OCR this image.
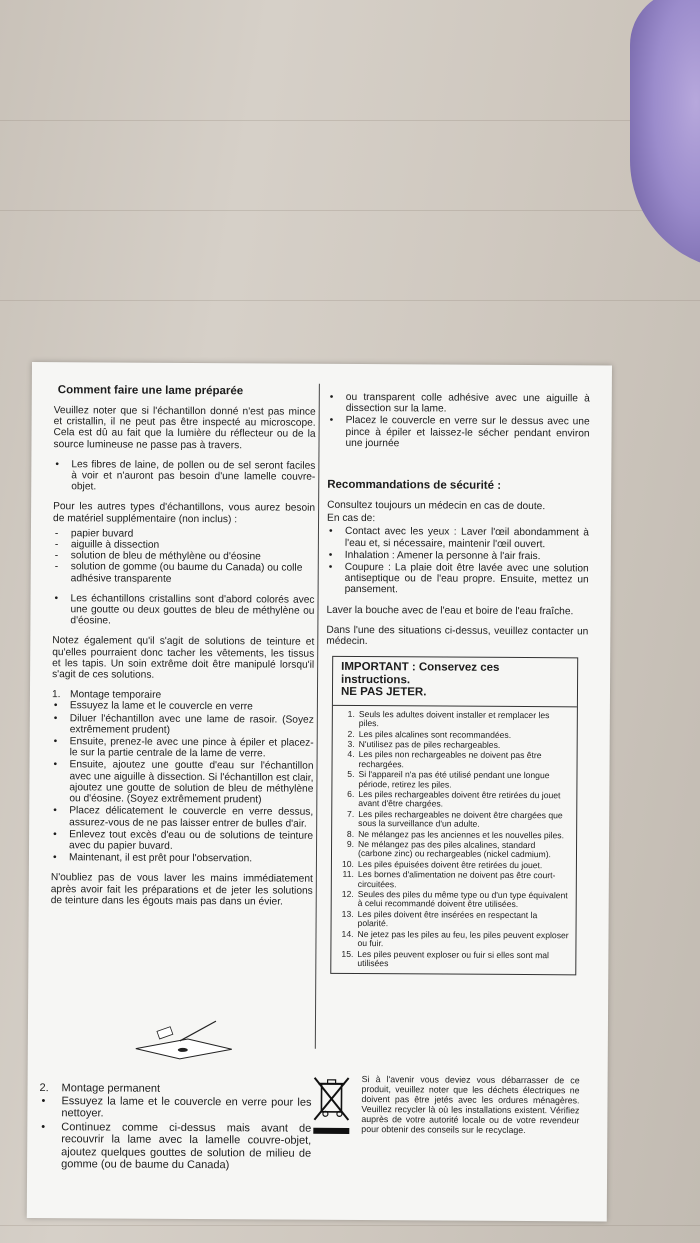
Comment faire une lame préparée

Veuillez noter que si l'échantillon donné n'est pas mince et cristallin, il ne peut pas être inspecté au microscope. Cela est dû au fait que la lumière du réflecteur ou de la source lumineuse ne passe pas à travers.

• Les fibres de laine, de pollen ou de sel seront faciles à voir et n'auront pas besoin d'une lamelle couvre-objet.

Pour les autres types d'échantillons, vous aurez besoin de matériel supplémentaire (non inclus) :

- papier buvard
- aiguille à dissection
- solution de bleu de méthylène ou d'éosine
- solution de gomme (ou baume du Canada) ou colle adhésive transparente
• Les échantillons cristallins sont d'abord colorés avec une goutte ou deux gouttes de bleu de méthylène ou d'éosine.

Notez également qu'il s'agit de solutions de teinture et qu'elles pourraient donc tacher les vêtements, les tissus et les tapis. Un soin extrême doit être manipulé lorsqu'il s'agit de ces solutions.

1. Montage temporaire
• Essuyez la lame et le couvercle en verre
• Diluer l'échantillon avec une lame de rasoir. (Soyez extrêmement prudent)
• Ensuite, prenez-le avec une pince à épiler et placez-le sur la partie centrale de la lame de verre.
• Ensuite, ajoutez une goutte d'eau sur l'échantillon avec une aiguille à dissection. Si l'échantillon est clair, ajoutez une goutte de solution de bleu de méthylène ou d'éosine. (Soyez extrêmement prudent)
• Placez délicatement le couvercle en verre dessus, assurez-vous de ne pas laisser entrer de bulles d'air.
• Enlevez tout excès d'eau ou de solutions de teinture avec du papier buvard.
• Maintenant, il est prêt pour l'observation.

N'oubliez pas de vous laver les mains immédiatement après avoir fait les préparations et de jeter les solutions de teinture dans les égouts mais pas dans un évier.

2. Montage permanent
• Essuyez la lame et le couvercle en verre pour les nettoyer.
• Continuez comme ci-dessus mais avant de recouvrir la lame avec la lamelle couvre-objet, ajoutez quelques gouttes de solution de milieu de gomme (ou de baume du Canada)
• ou transparent colle adhésive avec une aiguille à dissection sur la lame.
• Placez le couvercle en verre sur le dessus avec une pince à épiler et laissez-le sécher pendant environ une journée
Recommandations de sécurité :

Consultez toujours un médecin en cas de doute.

En cas de:

• Contact avec les yeux : Laver l'œil abondamment à l'eau et, si nécessaire, maintenir l'œil ouvert.
• Inhalation : Amener la personne à l'air frais.
• Coupure : La plaie doit être lavée avec une solution antiseptique ou de l'eau propre. Ensuite, mettez un pansement.

Laver la bouche avec de l'eau et boire de l'eau fraîche.

Dans l'une des situations ci-dessus, veuillez contacter un médecin.

IMPORTANT : Conservez ces
instructions.
NE PAS JETER.
1. Seuls les adultes doivent installer et remplacer les piles.
2. Les piles alcalines sont recommandées.
3. N'utilisez pas de piles rechargeables.
4. Les piles non rechargeables ne doivent pas être rechargées.
5. Si l'appareil n'a pas été utilisé pendant une longue période, retirez les piles.
6. Les piles rechargeables doivent être retirées du jouet avant d'être chargées.
7. Les piles rechargeables ne doivent être chargées que sous la surveillance d'un adulte.
8. Ne mélangez pas les anciennes et les nouvelles piles.
9. Ne mélangez pas des piles alcalines, standard (carbone zinc) ou rechargeables (nickel cadmium).
10. Les piles épuisées doivent être retirées du jouet.
11. Les bornes d'alimentation ne doivent pas être court-circuitées.
12. Seules des piles du même type ou d'un type équivalent à celui recommandé doivent être utilisées.
13. Les piles doivent être insérées en respectant la polarité.
14. Ne jetez pas les piles au feu, les piles peuvent exploser ou fuir.
15. Les piles peuvent exploser ou fuir si elles sont mal utilisées
Si à l'avenir vous deviez vous débarrasser de ce produit, veuillez noter que les déchets électriques ne doivent pas être jetés avec les ordures ménagères. Veuillez recycler là où les installations existent. Vérifiez auprès de votre autorité locale ou de votre revendeur pour obtenir des conseils sur le recyclage.
